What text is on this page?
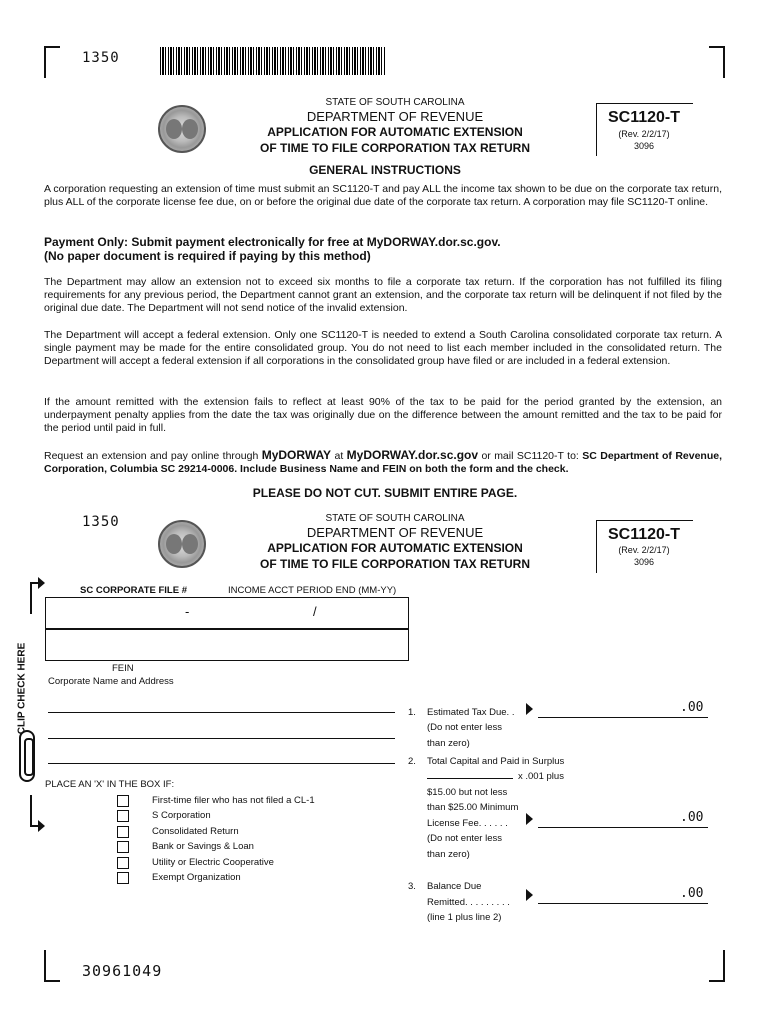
1350
STATE OF SOUTH CAROLINA
DEPARTMENT OF REVENUE
APPLICATION FOR AUTOMATIC EXTENSION
OF TIME TO FILE CORPORATION TAX RETURN
SC1120-T
(Rev. 2/2/17)
3096
GENERAL INSTRUCTIONS
A corporation requesting an extension of time must submit an SC1120-T and pay ALL the income tax shown to be due on the corporate tax return, plus ALL of the corporate license fee due, on or before the original due date of the corporate tax return. A corporation may file SC1120-T online.
Payment Only: Submit payment electronically for free at MyDORWAY.dor.sc.gov.
(No paper document is required if paying by this method)
The Department may allow an extension not to exceed six months to file a corporate tax return. If the corporation has not fulfilled its filing requirements for any previous period, the Department cannot grant an extension, and the corporate tax return will be delinquent if not filed by the original due date. The Department will not send notice of the invalid extension.
The Department will accept a federal extension. Only one SC1120-T is needed to extend a South Carolina consolidated corporate tax return. A single payment may be made for the entire consolidated group. You do not need to list each member included in the consolidated return. The Department will accept a federal extension if all corporations in the consolidated group have filed or are included in a federal extension.
If the amount remitted with the extension fails to reflect at least 90% of the tax to be paid for the period granted by the extension, an underpayment penalty applies from the date the tax was originally due on the difference between the amount remitted and the tax to be paid for the period until paid in full.
Request an extension and pay online through MyDORWAY at MyDORWAY.dor.sc.gov or mail SC1120-T to: SC Department of Revenue, Corporation, Columbia SC 29214-0006. Include Business Name and FEIN on both the form and the check.
PLEASE DO NOT CUT. SUBMIT ENTIRE PAGE.
1350	STATE OF SOUTH CAROLINA
DEPARTMENT OF REVENUE
APPLICATION FOR AUTOMATIC EXTENSION
OF TIME TO FILE CORPORATION TAX RETURN
SC1120-T
(Rev. 2/2/17)
3096
SC CORPORATE FILE #	INCOME ACCT PERIOD END (MM-YY)
-	/
FEIN
Corporate Name and Address
CLIP CHECK HERE
PLACE AN 'X' IN THE BOX IF:
First-time filer who has not filed a CL-1
S Corporation
Consolidated Return
Bank or Savings & Loan
Utility or Electric Cooperative
Exempt Organization
1. Estimated Tax Due. .
(Do not enter less
than zero)
.00
2. Total Capital and Paid in Surplus
x .001 plus
$15.00 but not less
than $25.00 Minimum
License Fee. . . . . .
(Do not enter less
than zero)
.00
3. Balance Due
Remitted. . . . . . . . .
(line 1 plus line 2)
.00
30961049
